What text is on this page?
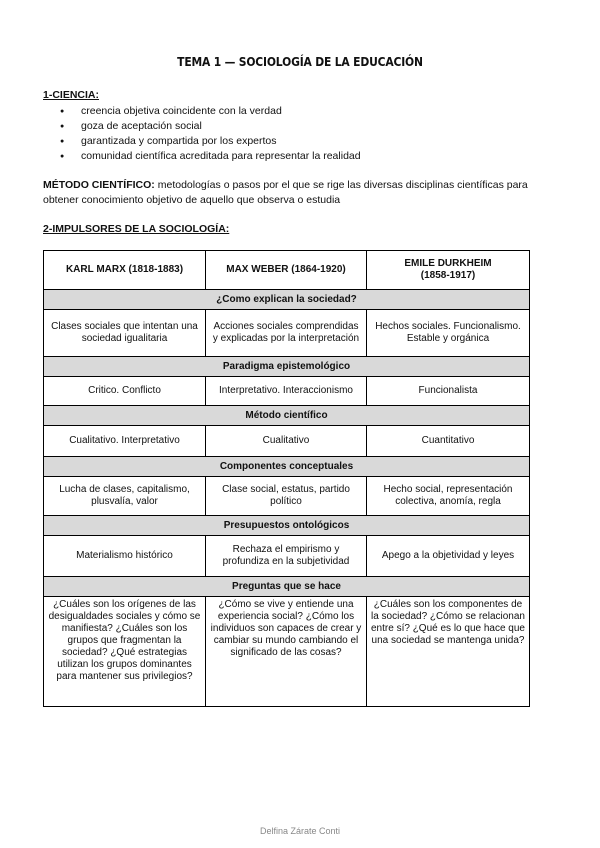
TEMA 1 — SOCIOLOGÍA DE LA EDUCACIÓN
1-CIENCIA:
● creencia objetiva coincidente con la verdad
● goza de aceptación social
● garantizada y compartida por los expertos
● comunidad científica acreditada para representar la realidad
MÉTODO CIENTÍFICO: metodologías o pasos por el que se rige las diversas disciplinas científicas para obtener conocimiento objetivo de aquello que observa o estudia
2-IMPULSORES DE LA SOCIOLOGÍA:
KARL MARX (1818-1883)	MAX WEBER (1864-1920)	EMILE DURKHEIM
(1858-1917)
¿Como explican la sociedad?		
Clases sociales que intentan una sociedad igualitaria	Acciones sociales comprendidas y explicadas por la interpretación	Hechos sociales. Funcionalismo. Estable y orgánica
Paradigma epistemológico		
Critico. Conflicto	Interpretativo. Interaccionismo	Funcionalista
Método científico		
Cualitativo. Interpretativo	Cualitativo	Cuantitativo
Componentes conceptuales		
Lucha de clases, capitalismo, plusvalía, valor	Clase social, estatus, partido político	Hecho social, representación colectiva, anomía, regla
Presupuestos ontológicos		
Materialismo histórico	Rechaza el empirismo y profundiza en la subjetividad	Apego a la objetividad y leyes
Preguntas que se hace		
¿Cuáles son los orígenes de las desigualdades sociales y cómo se manifiesta? ¿Cuáles son los grupos que fragmentan la sociedad? ¿Qué estrategias utilizan los grupos dominantes para mantener sus privilegios?	¿Cómo se vive y entiende una experiencia social? ¿Cómo los individuos son capaces de crear y cambiar su mundo cambiando el significado de las cosas?	¿Cuáles son los componentes de la sociedad? ¿Cómo se relacionan entre sí? ¿Qué es lo que hace que una sociedad se mantenga unida?
Delfina Zárate Conti
